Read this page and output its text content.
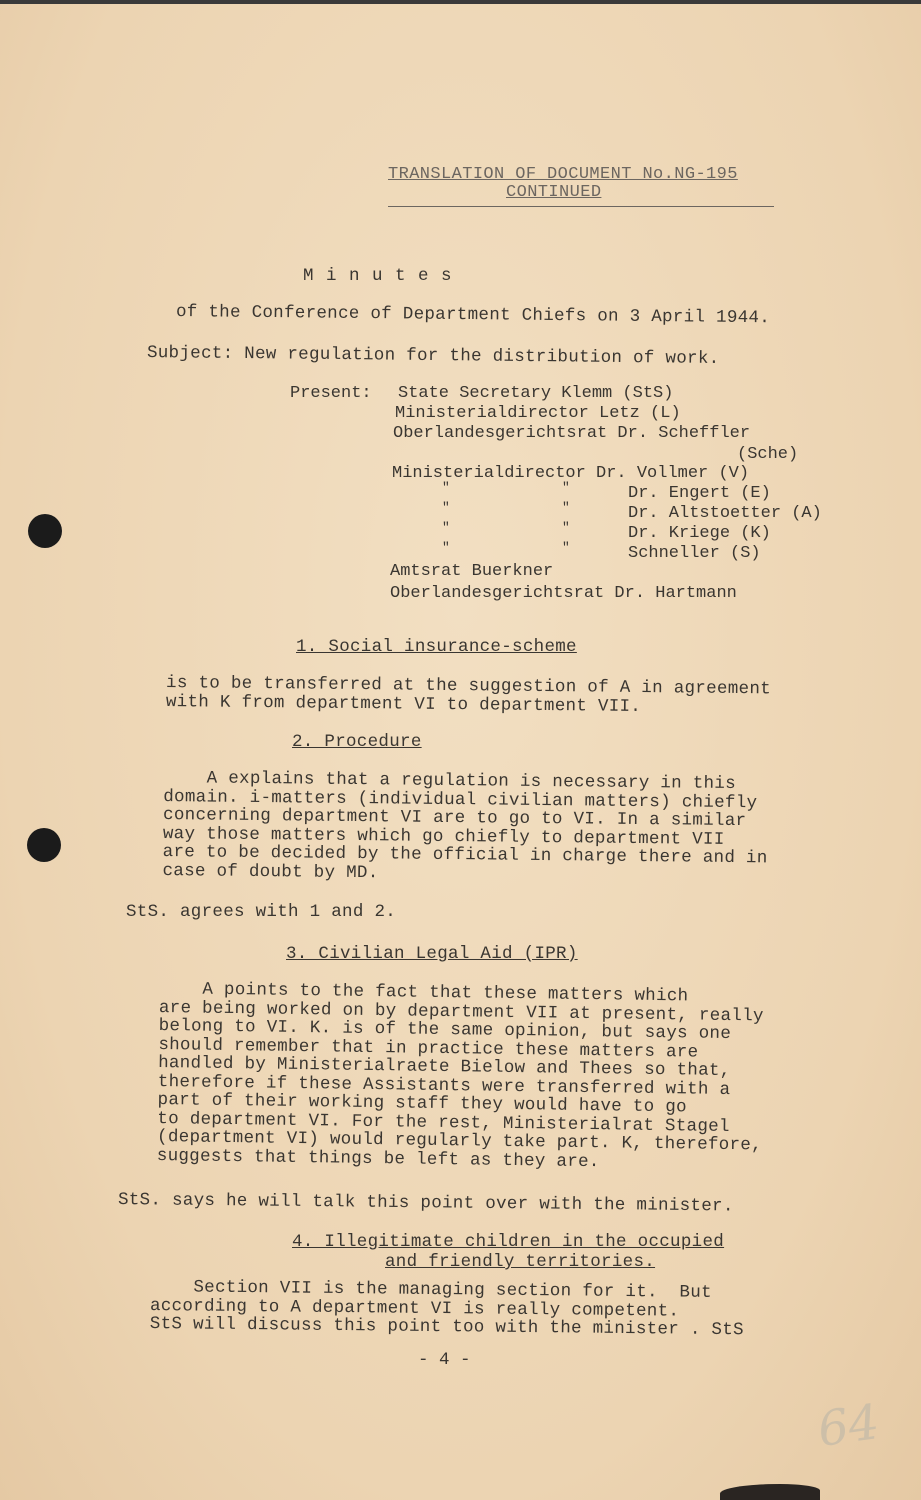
TRANSLATION OF DOCUMENT No.NG-195
CONTINUED
M i n u t e s
of the Conference of Department Chiefs on 3 April 1944.
Subject: New regulation for the distribution of work.
Present: State Secretary Klemm (StS)
Ministerialdirector Letz (L)
Oberlandesgerichtsrat Dr. Scheffler
(Sche)
Ministerialdirector Dr. Vollmer (V)
"	"	Dr. Engert (E)
"	"	Dr. Altstoetter (A)
"	"	Dr. Kriege (K)
"	"	Schneller (S)
Amtsrat Buerkner
Oberlandesgerichtsrat Dr. Hartmann
1. Social insurance-scheme
is to be transferred at the suggestion of A in agreement
with K from department VI to department VII.
2. Procedure
A explains that a regulation is necessary in this
domain. i-matters (individual civilian matters) chiefly
concerning department VI are to go to VI. In a similar
way those matters which go chiefly to department VII
are to be decided by the official in charge there and in
case of doubt by MD.
StS. agrees with 1 and 2.
3. Civilian Legal Aid (IPR)
A points to the fact that these matters which
are being worked on by department VII at present, really
belong to VI. K. is of the same opinion, but says one
should remember that in practice these matters are
handled by Ministerialraete Bielow and Thees so that,
therefore if these Assistants were transferred with a
part of their working staff they would have to go
to department VI. For the rest, Ministerialrat Stagel
(department VI) would regularly take part. K, therefore,
suggests that things be left as they are.
StS. says he will talk this point over with the minister.
4. Illegitimate children in the occupied
and friendly territories.
Section VII is the managing section for it.  But
according to A department VI is really competent.
StS will discuss this point too with the minister . StS
- 4 -
64
